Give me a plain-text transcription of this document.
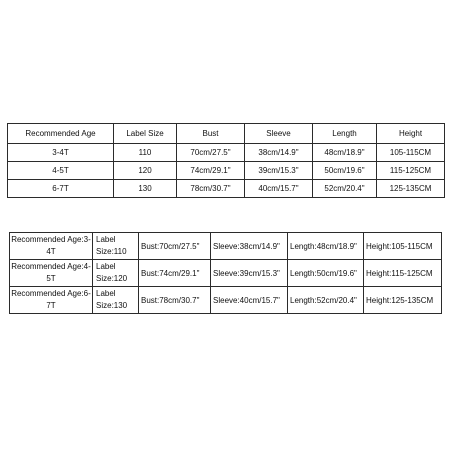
Recommended Age	Label Size	Bust	Sleeve	Length	Height
3-4T	110	70cm/27.5"	38cm/14.9"	48cm/18.9"	105-115CM
4-5T	120	74cm/29.1"	39cm/15.3"	50cm/19.6"	115-125CM
6-7T	130	78cm/30.7"	40cm/15.7"	52cm/20.4"	125-135CM
Recommended Age:3-4T	Label Size:110	Bust:70cm/27.5"	Sleeve:38cm/14.9"	Length:48cm/18.9"	Height:105-115CM
Recommended Age:4-5T	Label Size:120	Bust:74cm/29.1"	Sleeve:39cm/15.3"	Length:50cm/19.6"	Height:115-125CM
Recommended Age:6-7T	Label Size:130	Bust:78cm/30.7"	Sleeve:40cm/15.7"	Length:52cm/20.4"	Height:125-135CM
